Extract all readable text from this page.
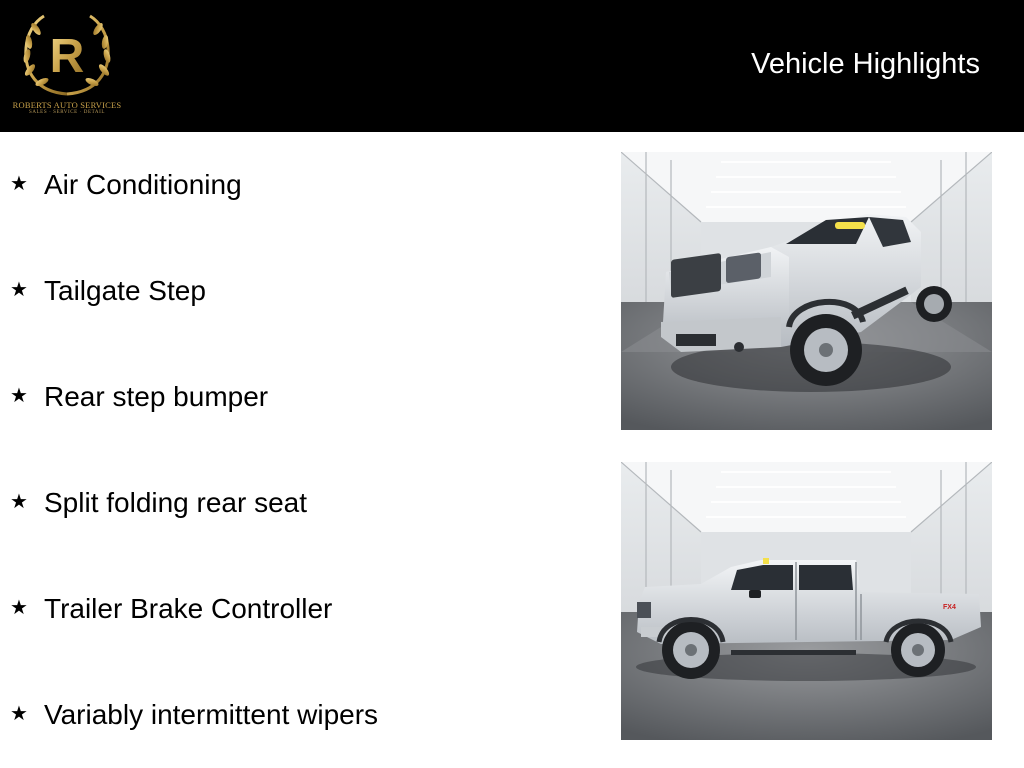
R
ROBERTS AUTO SERVICES
SALES · SERVICE · DETAIL
Vehicle Highlights
★ Air Conditioning
★ Tailgate Step
★ Rear step bumper
★ Split folding rear seat
★ Trailer Brake Controller
★ Variably intermittent wipers
FX4
